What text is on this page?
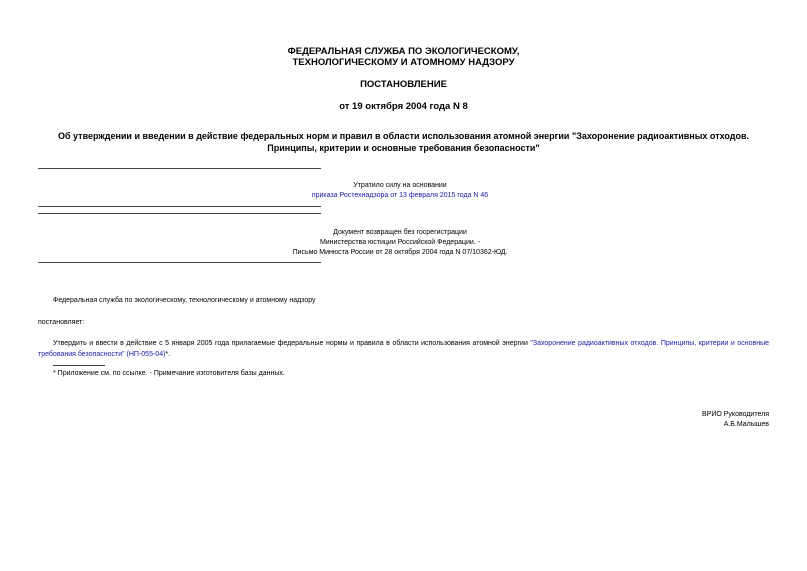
ФЕДЕРАЛЬНАЯ СЛУЖБА ПО ЭКОЛОГИЧЕСКОМУ,
ТЕХНОЛОГИЧЕСКОМУ И АТОМНОМУ НАДЗОРУ
ПОСТАНОВЛЕНИЕ
от 19 октября 2004 года N 8
Об утверждении и введении в действие федеральных норм и правил в области использования атомной энергии "Захоронение радиоактивных отходов.
Принципы, критерии и основные требования безопасности"
Утратило силу на основании
приказа Ростехнадзора от 13 февраля 2015 года N 46
Документ возвращен без госрегистрации
Министерства юстиции Российской Федерации. -
Письмо Минюста России от 28 октября 2004 года N 07/10362-ЮД.
Федеральная служба по экологическому, технологическому и атомному надзору
постановляет:
Утвердить и ввести в действие с 5 января 2005 года прилагаемые федеральные нормы и правила в области использования атомной энергии "Захоронение радиоактивных отходов. Принципы, критерии и основные требования безопасности" (НП-055-04)*.
* Приложение см. по ссылке. - Примечание изготовителя базы данных.
ВРИО Руководителя
А.Б.Малышев
